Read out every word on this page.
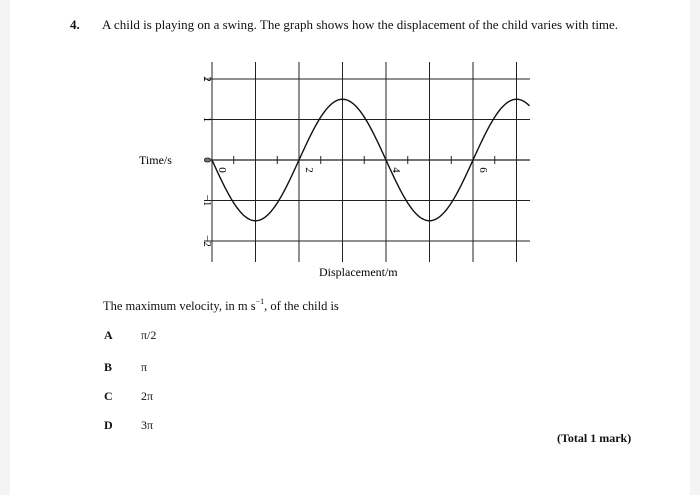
4. A child is playing on a swing. The graph shows how the displacement of the child varies with time.
Time/s
Displacement/m
2
1
0
−1
−2
0	2	4	6
The maximum velocity, in m $s^{-1}$, of the child is
A π/2
B π
C 2π
D 3π
(Total 1 mark)
